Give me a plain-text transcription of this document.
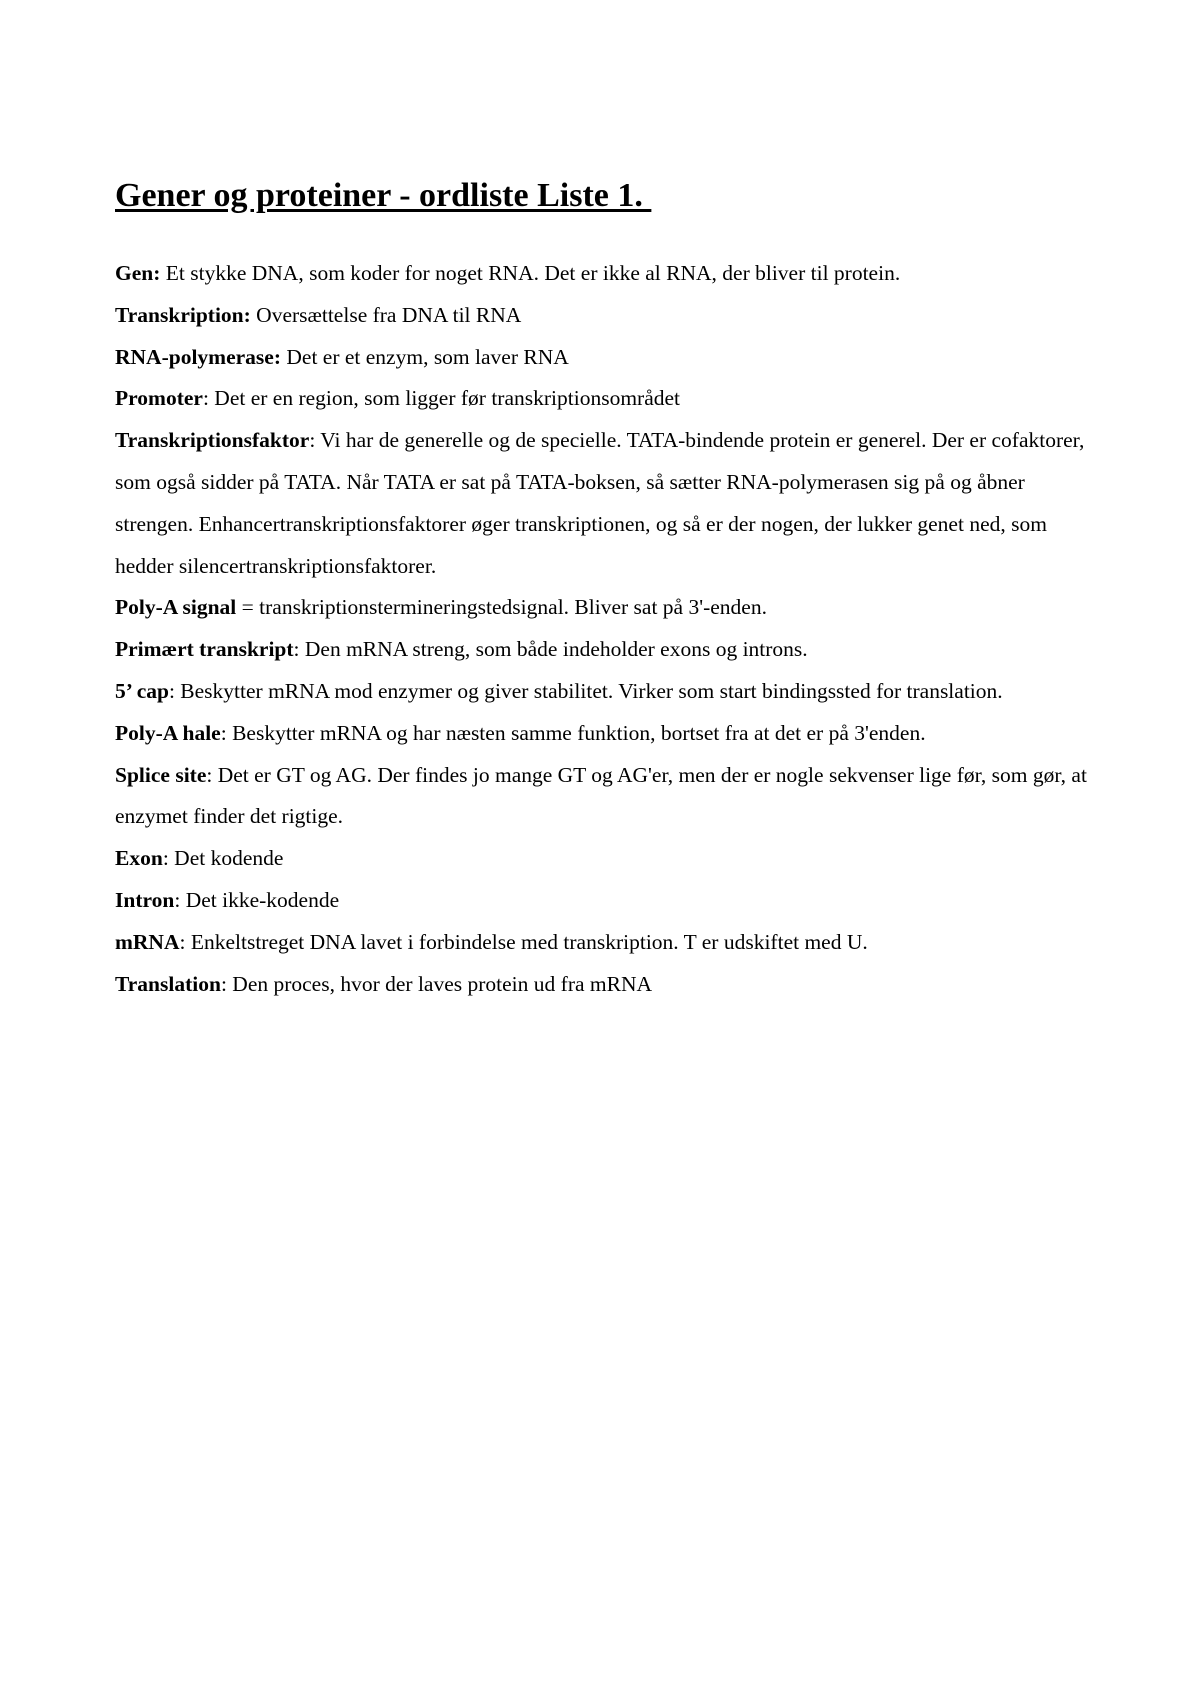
Gener og proteiner - ordliste Liste 1.

Gen: Et stykke DNA, som koder for noget RNA. Det er ikke al RNA, der bliver til protein.

Transkription: Oversættelse fra DNA til RNA

RNA-polymerase: Det er et enzym, som laver RNA

Promoter: Det er en region, som ligger før transkriptionsområdet

Transkriptionsfaktor: Vi har de generelle og de specielle. TATA-bindende protein er generel. Der er cofaktorer, som også sidder på TATA. Når TATA er sat på TATA-boksen, så sætter RNA-polymerasen sig på og åbner strengen. Enhancertranskriptionsfaktorer øger transkriptionen, og så er der nogen, der lukker genet ned, som hedder silencertranskriptionsfaktorer.

Poly-A signal = transkriptionstermineringstedsignal. Bliver sat på 3'-enden.

Primært transkript: Den mRNA streng, som både indeholder exons og introns.

5’ cap: Beskytter mRNA mod enzymer og giver stabilitet. Virker som start bindingssted for translation.

Poly-A hale: Beskytter mRNA og har næsten samme funktion, bortset fra at det er på 3'enden.

Splice site: Det er GT og AG. Der findes jo mange GT og AG'er, men der er nogle sekvenser lige før, som gør, at enzymet finder det rigtige.

Exon: Det kodende

Intron: Det ikke-kodende

mRNA: Enkeltstreget DNA lavet i forbindelse med transkription. T er udskiftet med U.

Translation: Den proces, hvor der laves protein ud fra mRNA
